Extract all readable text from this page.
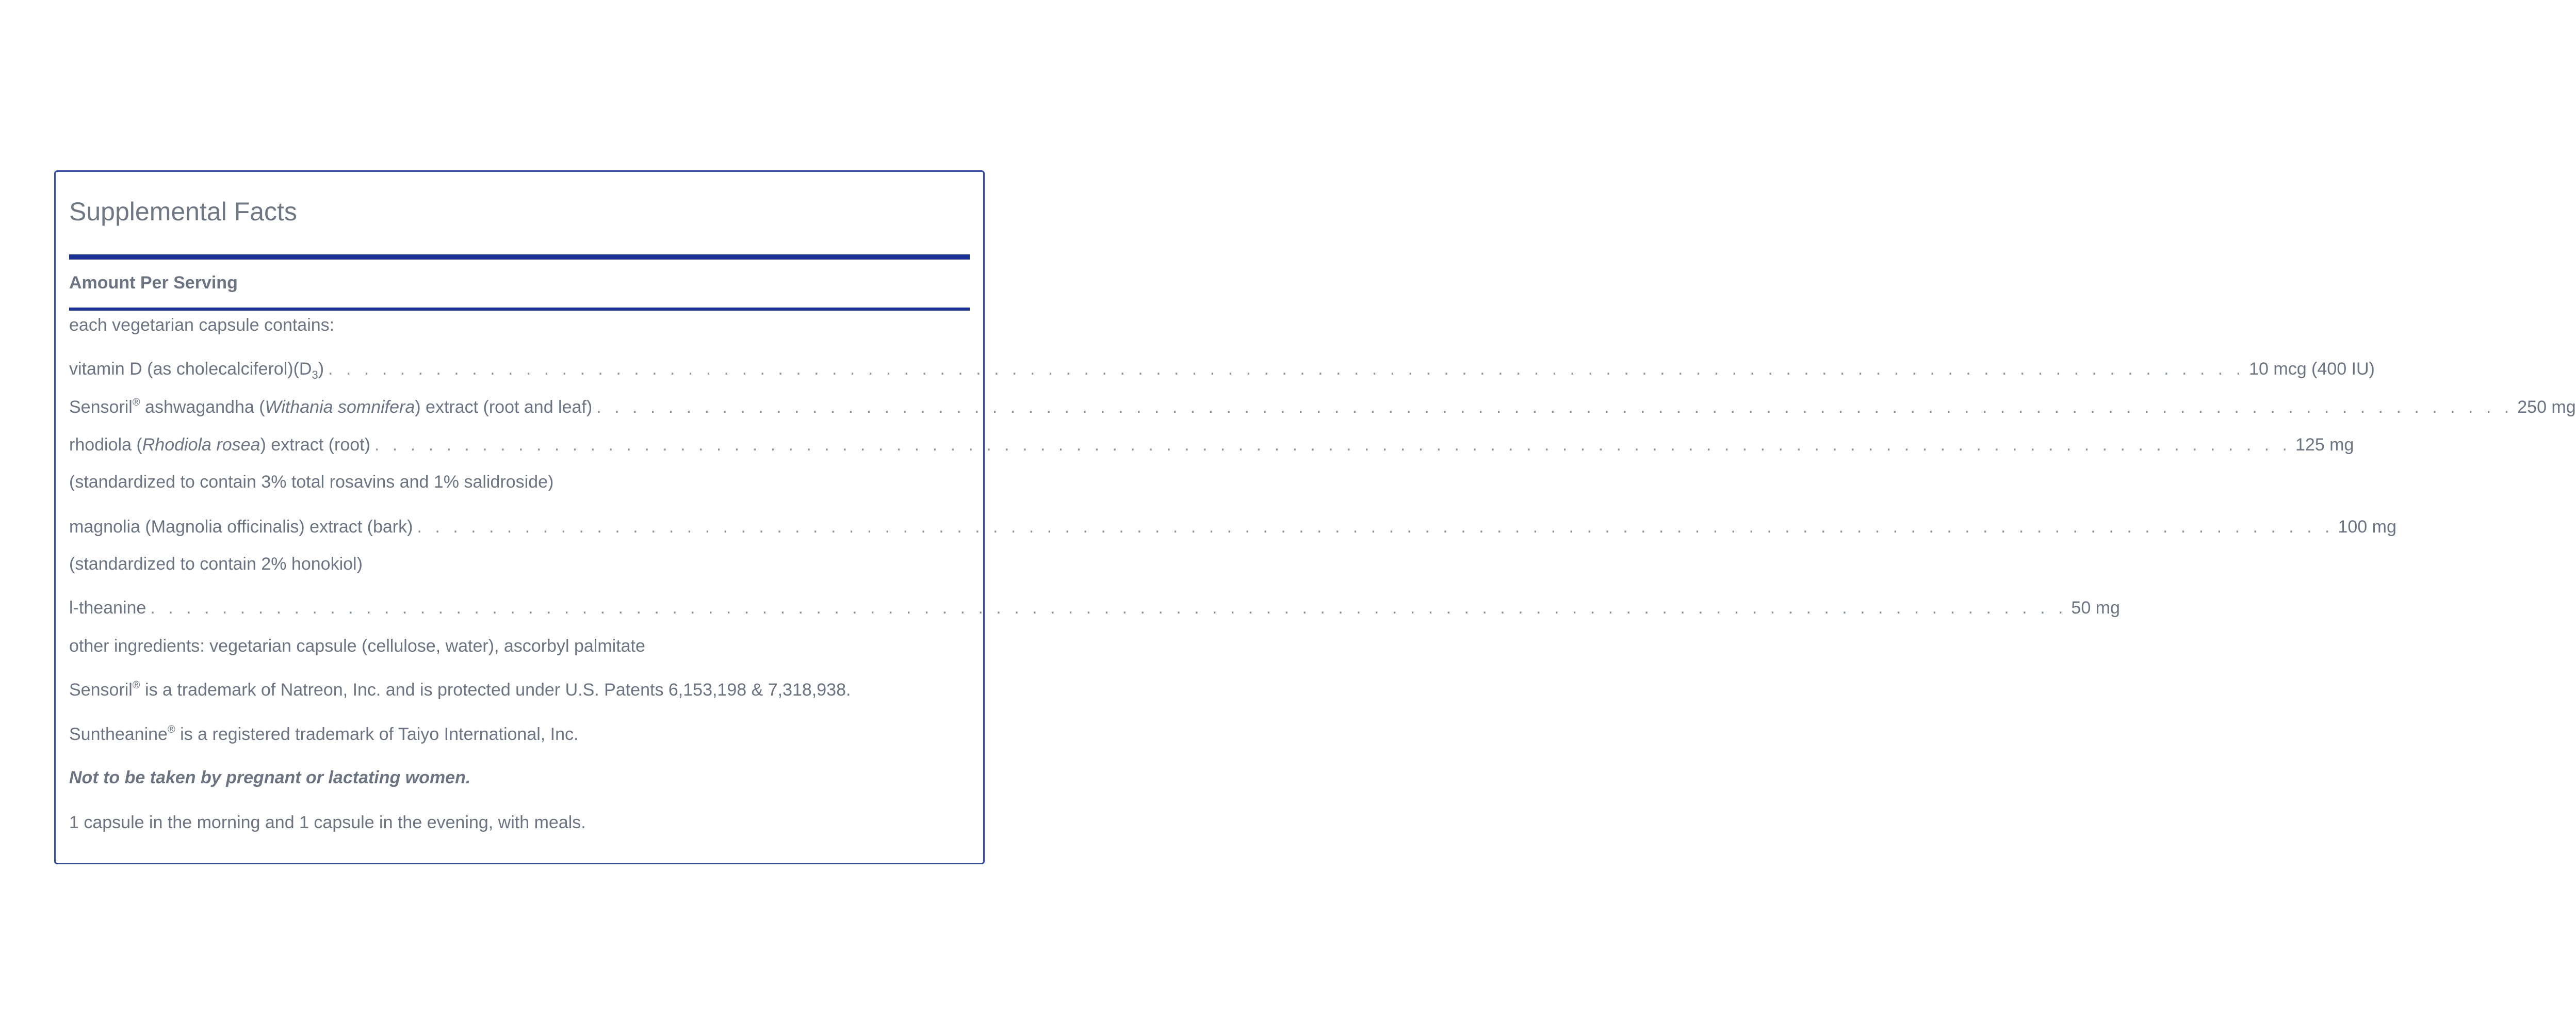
Supplemental Facts
Amount Per Serving
each vegetarian capsule contains:
vitamin D (as $cholecalciferol)(D_3)$ . . . . . . . . . . . . . . . . . . . . . . . . . . . . . . . . . . . . . . . . . . . . . . . . . . . . . . . . . . . . . . . . . . . . . . . . . . . . . . . . . . . . . . . . . . . . . . . . . . . . . . . . . . . 10 mcg (400 IU)
Sensoril® ashwagandha (Withania somnifera) extract (root and leaf) . . . . . . . . . . . . . . . . . . . . . . . . . . . . . . . . . . . . . . . . . . . . . . . . . . . . . . . . . . . . . . . . . . . . . . . . . . . . . . . . . . . . . . . . . . . . . . . . . . . . . . . . . . . 250 mg
rhodiola (Rhodiola rosea) extract (root) . . . . . . . . . . . . . . . . . . . . . . . . . . . . . . . . . . . . . . . . . . . . . . . . . . . . . . . . . . . . . . . . . . . . . . . . . . . . . . . . . . . . . . . . . . . . . . . . . . . . . . . . . . . 125 mg
(standardized to contain 3% total rosavins and 1% salidroside)
magnolia (Magnolia officinalis) extract (bark) . . . . . . . . . . . . . . . . . . . . . . . . . . . . . . . . . . . . . . . . . . . . . . . . . . . . . . . . . . . . . . . . . . . . . . . . . . . . . . . . . . . . . . . . . . . . . . . . . . . . . . . . . . . 100 mg
(standardized to contain 2% honokiol)
l-theanine . . . . . . . . . . . . . . . . . . . . . . . . . . . . . . . . . . . . . . . . . . . . . . . . . . . . . . . . . . . . . . . . . . . . . . . . . . . . . . . . . . . . . . . . . . . . . . . . . . . . . . . . . . . 50 mg
other ingredients: vegetarian capsule (cellulose, water), ascorbyl palmitate
Sensoril® is a trademark of Natreon, Inc. and is protected under U.S. Patents 6,153,198 & 7,318,938.
Suntheanine® is a registered trademark of Taiyo International, Inc.
Not to be taken by pregnant or lactating women.
1 capsule in the morning and 1 capsule in the evening, with meals.
